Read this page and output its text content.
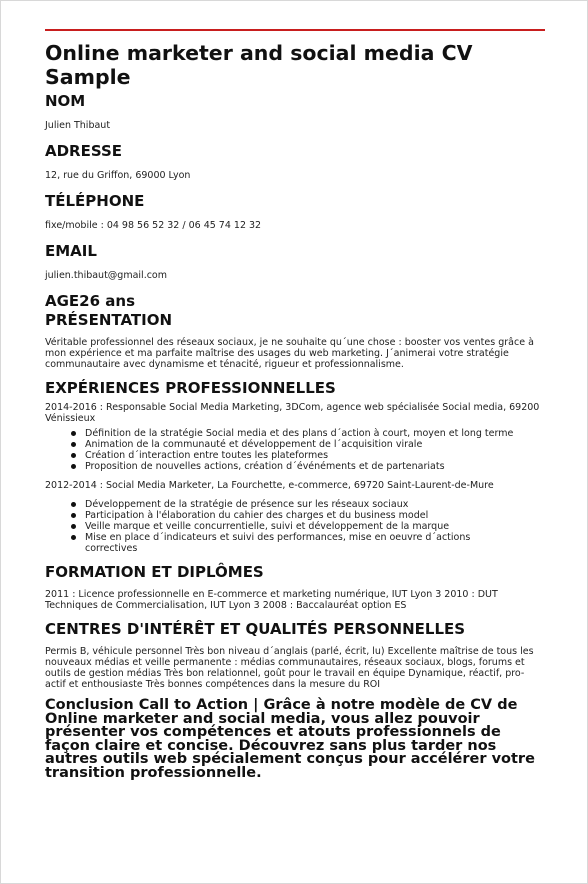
Online marketer and social media CV Sample
NOM

Julien Thibaut

ADRESSE

12, rue du Griffon, 69000 Lyon

TÉLÉPHONE

fixe/mobile : 04 98 56 52 32 / 06 45 74 12 32

EMAIL

julien.thibaut@gmail.com

AGE26 ans
PRÉSENTATION

Véritable professionnel des réseaux sociaux, je ne souhaite qu´une chose : booster vos ventes grâce à mon expérience et ma parfaite maîtrise des usages du web marketing. J´animerai votre stratégie communautaire avec dynamisme et ténacité, rigueur et professionnalisme.

EXPÉRIENCES PROFESSIONNELLES

2014-2016 : Responsable Social Media Marketing, 3DCom, agence web spécialisée Social media, 69200 Vénissieux

Définition de la stratégie Social media et des plans d´action à court, moyen et long terme
Animation de la communauté et développement de l´acquisition virale
Création d´interaction entre toutes les plateformes
Proposition de nouvelles actions, création d´événéments et de partenariats

2012-2014 : Social Media Marketer, La Fourchette, e-commerce, 69720 Saint-Laurent-de-Mure

Développement de la stratégie de présence sur les réseaux sociaux
Participation à l'élaboration du cahier des charges et du business model
Veille marque et veille concurrentielle, suivi et développement de la marque
Mise en place d´indicateurs et suivi des performances, mise en oeuvre d´actions correctives
FORMATION ET DIPLÔMES

2011 : Licence professionnelle en E-commerce et marketing numérique, IUT Lyon 3 2010 : DUT Techniques de Commercialisation, IUT Lyon 3 2008 : Baccalauréat option ES

CENTRES D'INTÉRÊT ET QUALITÉS PERSONNELLES

Permis B, véhicule personnel Très bon niveau d´anglais (parlé, écrit, lu) Excellente maîtrise de tous les nouveaux médias et veille permanente : médias communautaires, réseaux sociaux, blogs, forums et outils de gestion médias Très bon relationnel, goût pour le travail en équipe Dynamique, réactif, pro-actif et enthousiaste Très bonnes compétences dans la mesure du ROI

Conclusion Call to Action | Grâce à notre modèle de CV de Online marketer and social media, vous allez pouvoir présenter vos compétences et atouts professionnels de façon claire et concise. Découvrez sans plus tarder nos autres outils web spécialement conçus pour accélérer votre transition professionnelle.
